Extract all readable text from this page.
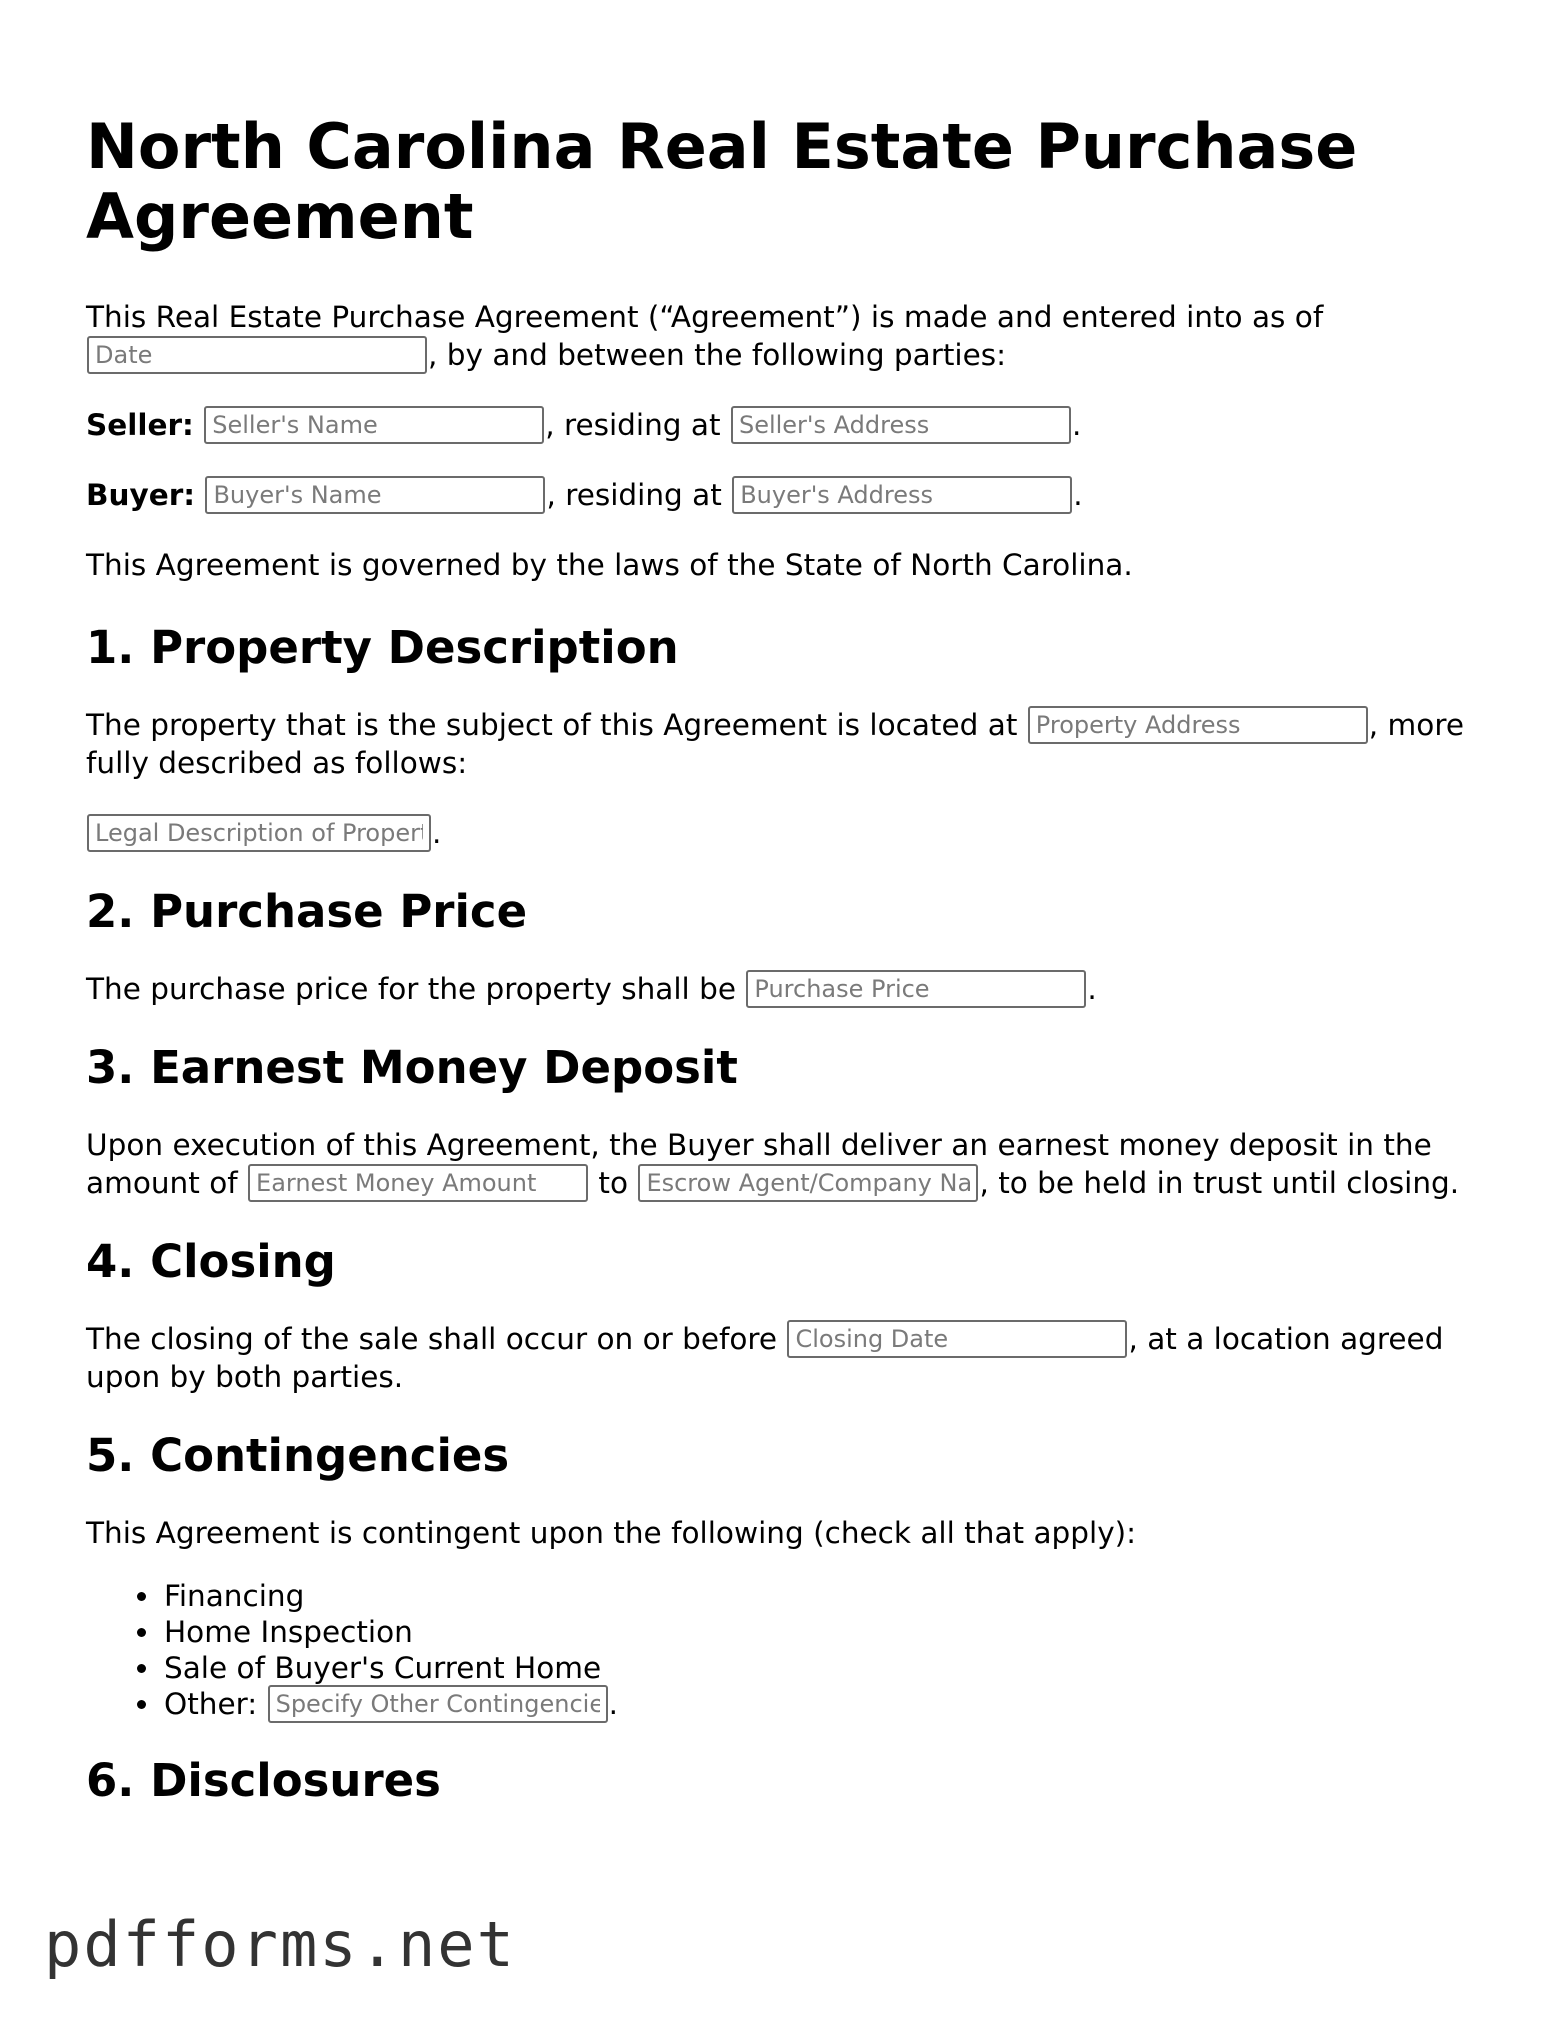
North Carolina Real Estate Purchase Agreement

This Real Estate Purchase Agreement (“Agreement”) is made and entered into as of Date, by and between the following parties:

Seller: Seller's Name	, residing at Seller's Address	.

Buyer: Buyer's Name	, residing at Buyer's Address	.

This Agreement is governed by the laws of the State of North Carolina.

1. Property Description

The property that is the subject of this Agreement is located at Property Address	, more fully described as follows:

Legal Description of Property.

2. Purchase Price

The purchase price for the property shall be Purchase Price	.

3. Earnest Money Deposit

Upon execution of this Agreement, the Buyer shall deliver an earnest money deposit in the amount of Earnest Money Amount	to Escrow Agent/Company Name	, to be held in trust until closing.

4. Closing

The closing of the sale shall occur on or before Closing Date	, at a location agreed upon by both parties.

5. Contingencies

This Agreement is contingent upon the following (check all that apply):

• Financing
• Home Inspection
• Sale of Buyer's Current Home
• Other: Specify Other Contingencies	.
6. Disclosures
pdfforms.net
